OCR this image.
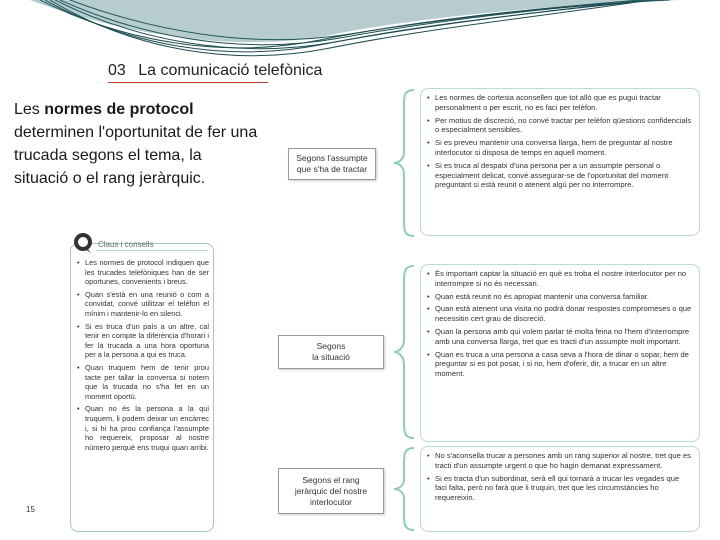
03 La comunicació telefònica
Les normes de protocol determinen l'oportunitat de fer una trucada segons el tema, la situació o el rang jeràrquic.
• Les normes de protocol indiquen que les trucades telefòniques han de ser oportunes, convenients i breus.
• Quan s'està en una reunió o com a convidat, convé utilitzar el telèfon el mínim i mantenir-lo en silenci.
• Si es truca d'un país a un altre, cal tenir en compte la diferència d'horari i fer la trucada a una hora oportuna per a la persona a qui es truca.
• Quan truquem hem de tenir prou tacte per tallar la conversa si notem que la trucada no s'ha fet en un moment oportú.
• Quan no és la persona a la qui truquem, li podem deixar un encàrrec i, si hi ha prou confiança l'assumpte ho requereix, proposar al nostre número perquè ens truqui quan arribi.
Claus i consells
15
Segons l'assumpte
que s'ha de tractar
• Les normes de cortesia aconsellen que tot allò que es pugui tractar personalment o per escrit, no es faci per telèfon.
• Per motius de discreció, no convé tractar per telèfon qüestions confidencials o especialment sensibles.
• Si es preveu mantenir una conversa llarga, hem de preguntar al nostre interlocutor si disposa de temps en aquell moment.
• Si es truca al despatx d'una persona per a un assumpte personal o especialment delicat, convé assegurar-se de l'oportunitat del moment preguntant si està reunit o atenent algú per no interrompre.
Segons
la situació
• És important captar la situació en què es troba el nostre interlocutor per no interrompre si no és necessari.
• Quan està reunit no és apropiat mantenir una conversa familiar.
• Quan està atenent una visita no podrà donar respostes compromeses o que necessitin cert grau de discreció.
• Quan la persona amb qui volem parlar té molta feina no l'hem d'interrompre amb una conversa llarga, tret que es tracti d'un assumpte molt important.
• Quan es truca a una persona a casa seva a l'hora de dinar o sopar, hem de preguntar si es pot posar, i si no, hem d'oferir, dir, a trucar en un altre moment.
Segons el rang
jeràrquic del nostre
interlocutor
• No s'aconsella trucar a persones amb un rang superior al nostre, tret que es tracti d'un assumpte urgent o que ho hagin demanat expressament.
• Si es tracta d'un subordinat, serà ell qui tornarà a trucar les vegades que faci falta, però no farà que li truquin, tret que les circumstàncies ho requereixin.
